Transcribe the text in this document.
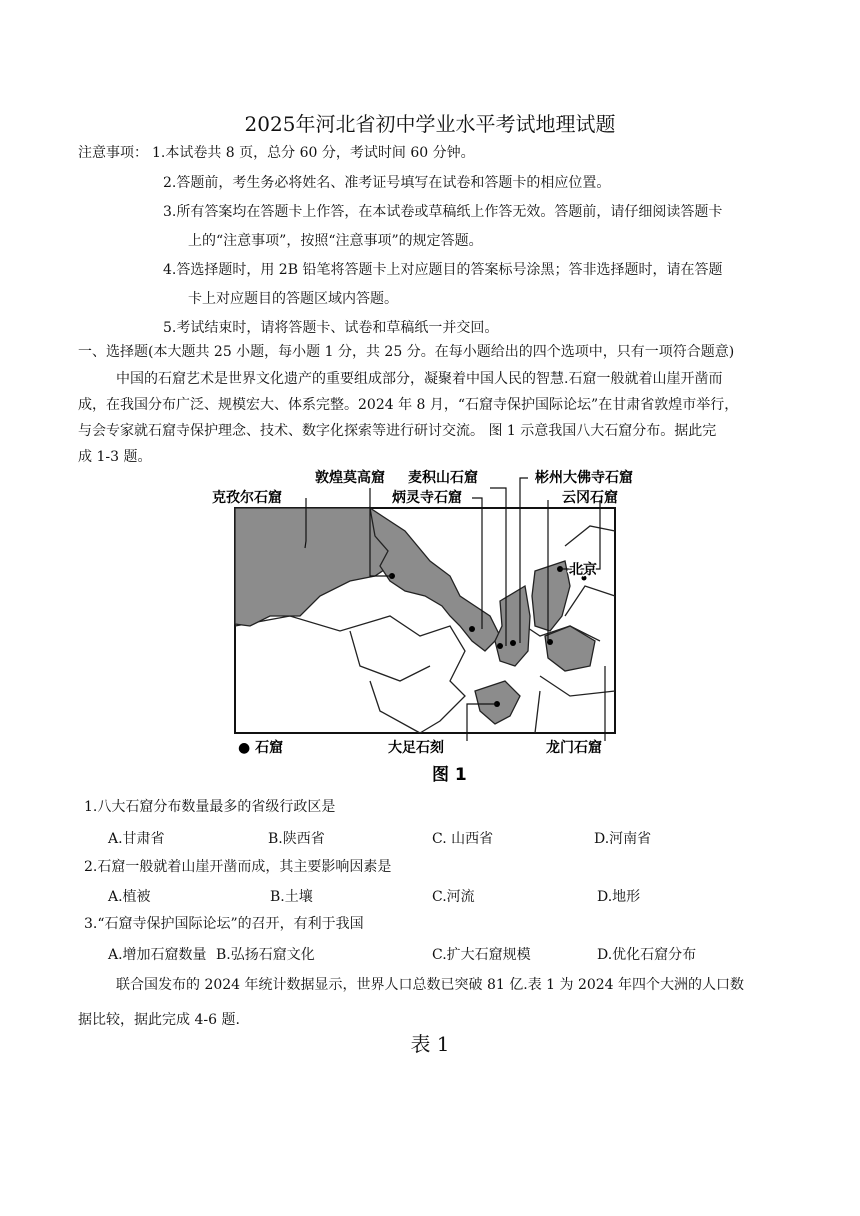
2025年河北省初中学业水平考试地理试题
注意事项： 1.本试卷共 8 页，总分 60 分，考试时间 60 分钟。
2.答题前，考生务必将姓名、准考证号填写在试卷和答题卡的相应位置。
3.所有答案均在答题卡上作答，在本试卷或草稿纸上作答无效。答题前，请仔细阅读答题卡
上的“注意事项”，按照“注意事项”的规定答题。
4.答选择题时，用 2B 铅笔将答题卡上对应题目的答案标号涂黑；答非选择题时，请在答题
卡上对应题目的答题区域内答题。
5.考试结束时，请将答题卡、试卷和草稿纸一并交回。
一、选择题(本大题共 25 小题，每小题 1 分，共 25 分。在每小题给出的四个选项中，只有一项符合题意)
中国的石窟艺术是世界文化遗产的重要组成部分，凝聚着中国人民的智慧.石窟一般就着山崖开凿而
成，在我国分布广泛、规模宏大、体系完整。2024 年 8 月，“石窟寺保护国际论坛”在甘肃省敦煌市举行，
与会专家就石窟寺保护理念、技术、数字化探索等进行研讨交流。 图 1 示意我国八大石窟分布。据此完
成 1-3 题。
敦煌莫高窟
克孜尔石窟
麦积山石窟
炳灵寺石窟
彬州大佛寺石窟
云冈石窟
北京
● 石窟	大足石刻	龙门石窟
图 1
1.八大石窟分布数量最多的省级行政区是
A.甘肃省	B.陕西省	C. 山西省	D.河南省
2.石窟一般就着山崖开凿而成，其主要影响因素是
A.植被	B.土壤	C.河流	D.地形
3.“石窟寺保护国际论坛”的召开，有利于我国
A.增加石窟数量 B.弘扬石窟文化	C.扩大石窟规模	D.优化石窟分布
联合国发布的 2024 年统计数据显示，世界人口总数已突破 81 亿.表 1 为 2024 年四个大洲的人口数
据比较，据此完成 4-6 题.
表 1
